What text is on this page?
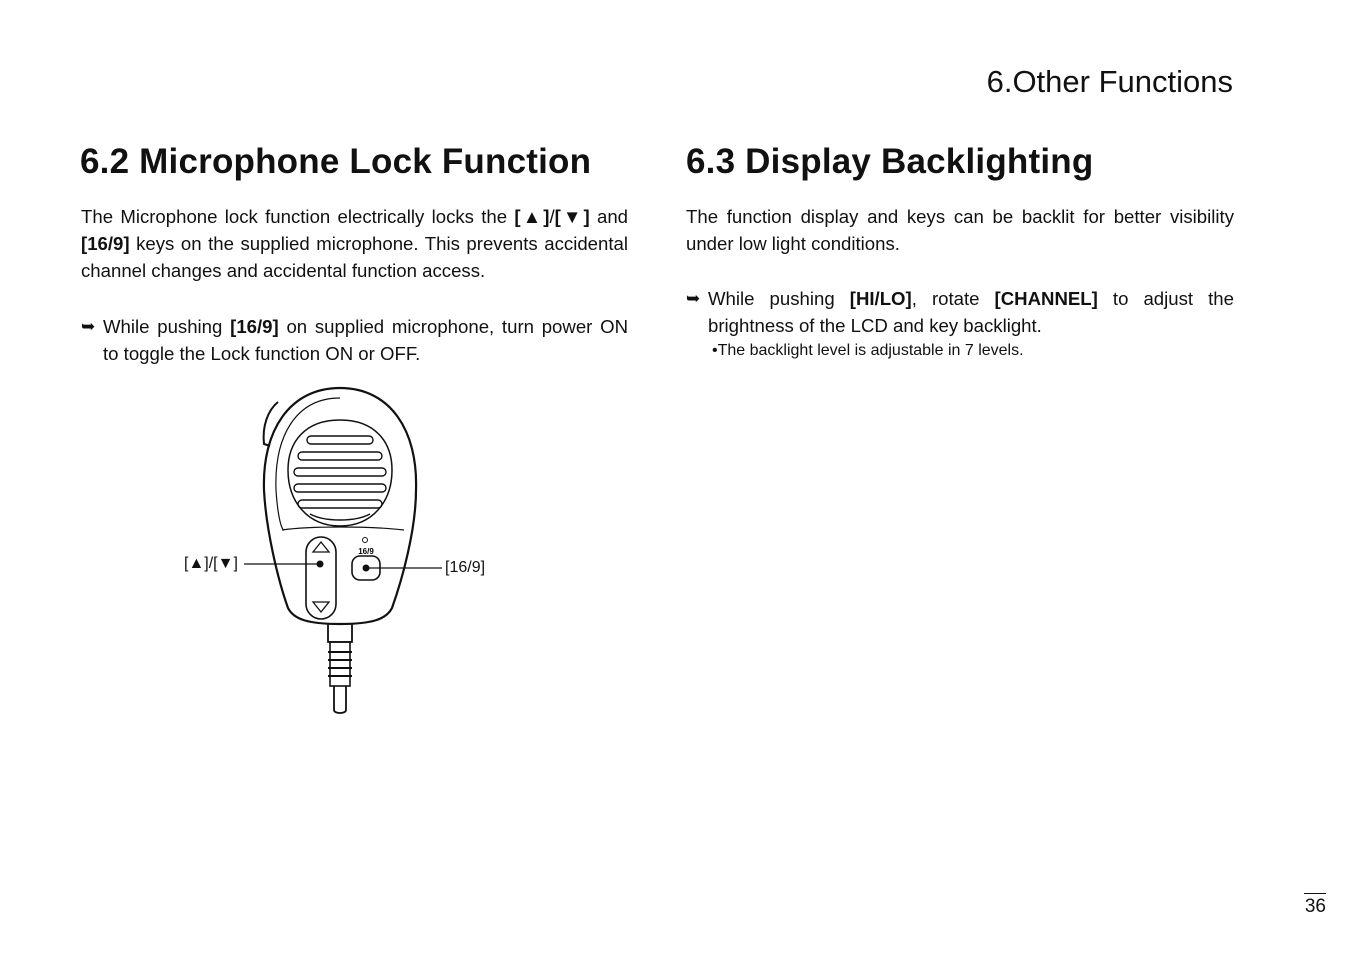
6.Other Functions
6.2 Microphone Lock Function	6.3 Display Backlighting

The Microphone lock function electrically locks the [▲]/[▼] and [16/9] keys on the supplied microphone. This prevents accidental channel changes and accidental function access.

➥ While pushing [16/9] on supplied microphone, turn power ON to toggle the Lock function ON or OFF.

The function display and keys can be backlit for better visibility under low light conditions.

➥ While pushing [HI/LO], rotate [CHANNEL] to adjust the brightness of the LCD and key backlight.

•The backlight level is adjustable in 7 levels.

16/9
[▲]/[▼]	[16/9]
36
